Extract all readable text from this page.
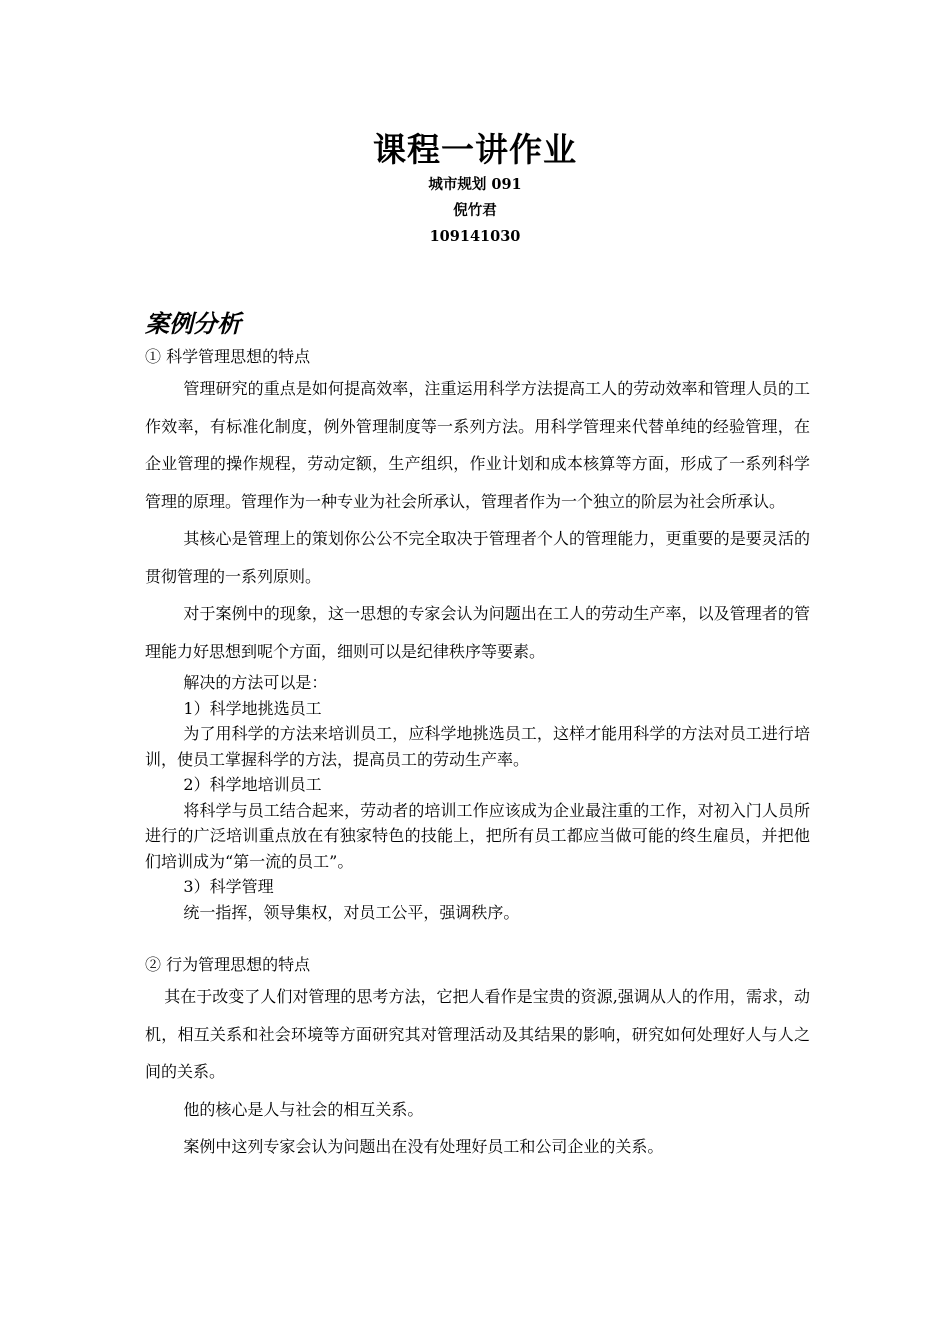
课程一讲作业
城市规划 091
倪竹君
109141030
案例分析
① 科学管理思想的特点

管理研究的重点是如何提高效率，注重运用科学方法提高工人的劳动效率和管理人员的工作效率，有标准化制度，例外管理制度等一系列方法。用科学管理来代替单纯的经验管理，在企业管理的操作规程，劳动定额，生产组织，作业计划和成本核算等方面，形成了一系列科学管理的原理。管理作为一种专业为社会所承认，管理者作为一个独立的阶层为社会所承认。

其核心是管理上的策划你公公不完全取决于管理者个人的管理能力，更重要的是要灵活的贯彻管理的一系列原则。

对于案例中的现象，这一思想的专家会认为问题出在工人的劳动生产率，以及管理者的管理能力好思想到呢个方面，细则可以是纪律秩序等要素。

解决的方法可以是：

1）科学地挑选员工

为了用科学的方法来培训员工，应科学地挑选员工，这样才能用科学的方法对员工进行培训，使员工掌握科学的方法，提高员工的劳动生产率。

2）科学地培训员工

将科学与员工结合起来，劳动者的培训工作应该成为企业最注重的工作，对初入门人员所进行的广泛培训重点放在有独家特色的技能上，把所有员工都应当做可能的终生雇员，并把他们培训成为“第一流的员工”。

3）科学管理

统一指挥，领导集权，对员工公平，强调秩序。

② 行为管理思想的特点

其在于改变了人们对管理的思考方法，它把人看作是宝贵的资源,强调从人的作用，需求，动机，相互关系和社会环境等方面研究其对管理活动及其结果的影响，研究如何处理好人与人之间的关系。

他的核心是人与社会的相互关系。

案例中这列专家会认为问题出在没有处理好员工和公司企业的关系。
